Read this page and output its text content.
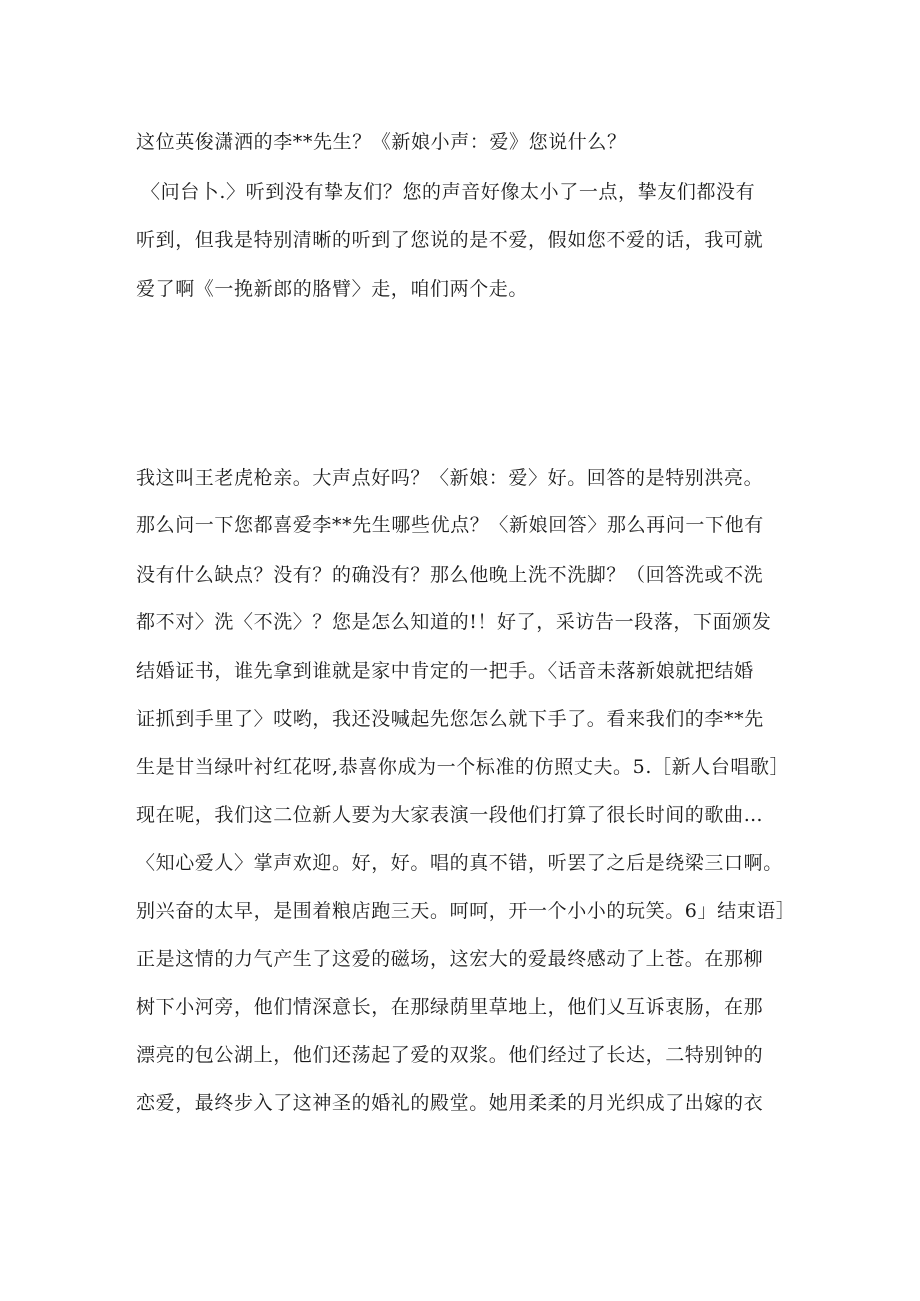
这位英俊潇洒的李**先生？《新娘小声：爱》您说什么？
〈问台卜.〉听到没有挚友们？您的声音好像太小了一点，挚友们都没有
听到，但我是特别清晰的听到了您说的是不爱，假如您不爱的话，我可就
爱了啊《一挽新郎的胳臂〉走，咱们两个走。
我这叫王老虎枪亲。大声点好吗？〈新娘：爱〉好。回答的是特别洪亮。
那么问一下您都喜爱李**先生哪些优点？〈新娘回答〉那么再问一下他有
没有什么缺点？没有？的确没有？那么他晚上洗不洗脚？（回答洗或不洗
都不对〉洗〈不洗〉？您是怎么知道的!！好了，采访告一段落，下面颁发
结婚证书，谁先拿到谁就是家中肯定的一把手。〈话音未落新娘就把结婚
证抓到手里了〉哎哟，我还没喊起先您怎么就下手了。看来我们的李**先
生是甘当绿叶衬红花呀,恭喜你成为一个标准的仿照丈夫。5.［新人台唱歌］
现在呢，我们这二位新人要为大家表演一段他们打算了很长时间的歌曲…
〈知心爱人〉掌声欢迎。好，好。唱的真不错，听罢了之后是绕梁三口啊。
别兴奋的太早，是围着粮店跑三天。呵呵，开一个小小的玩笑。6」结束语］
正是这情的力气产生了这爱的磁场，这宏大的爱最终感动了上苍。在那柳
树下小河旁，他们情深意长，在那绿荫里草地上，他们乂互诉衷肠，在那
漂亮的包公湖上，他们还荡起了爱的双浆。他们经过了长达，二特别钟的
恋爱，最终步入了这神圣的婚礼的殿堂。她用柔柔的月光织成了出嫁的衣
